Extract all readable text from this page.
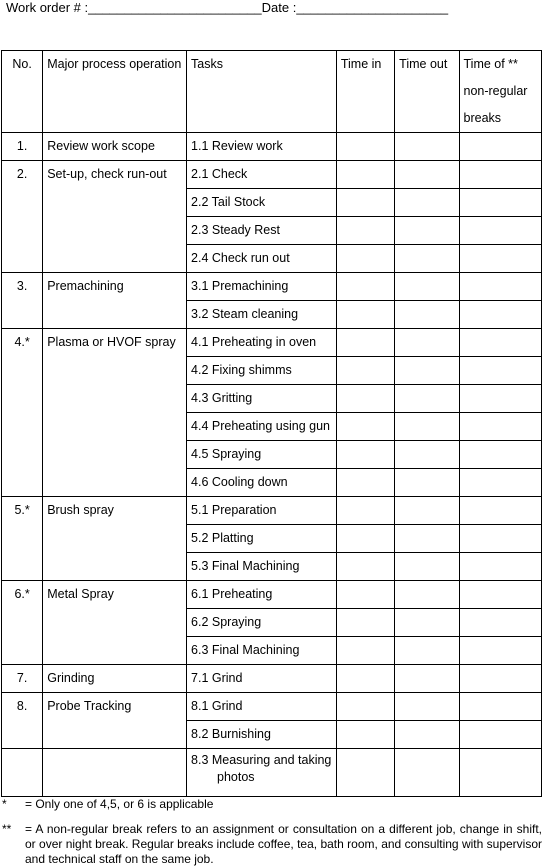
Work order # :________________________Date :_____________________
No.	Major process operation	Tasks	Time in	Time out	Time of **
non-regular
breaks

1.	Review work scope	1.1 Review work			
2.	Set-up, check run-out	2.1 Check			
		2.2 Tail Stock			
		2.3 Steady Rest			
		2.4 Check run out			
3.	Premachining	3.1 Premachining			
		3.2 Steam cleaning			
4.*	Plasma or HVOF spray	4.1 Preheating in oven			
		4.2 Fixing shimms			
		4.3 Gritting			
		4.4 Preheating using gun			
		4.5 Spraying			
		4.6 Cooling down			
5.*	Brush spray	5.1 Preparation			
		5.2 Platting			
		5.3 Final Machining			
6.*	Metal Spray	6.1 Preheating			
		6.2 Spraying			
		6.3 Final Machining			
7.	Grinding	7.1 Grind			
8.	Probe Tracking	8.1 Grind			
		8.2 Burnishing			

		8.3 Measuring and taking
photos			

* = Only one of 4,5, or 6 is applicable
** = A non-regular break refers to an assignment or consultation on a different job, change in shift, or over night break. Regular breaks include coffee, tea, bath room, and consulting with supervisor and technical staff on the same job.
